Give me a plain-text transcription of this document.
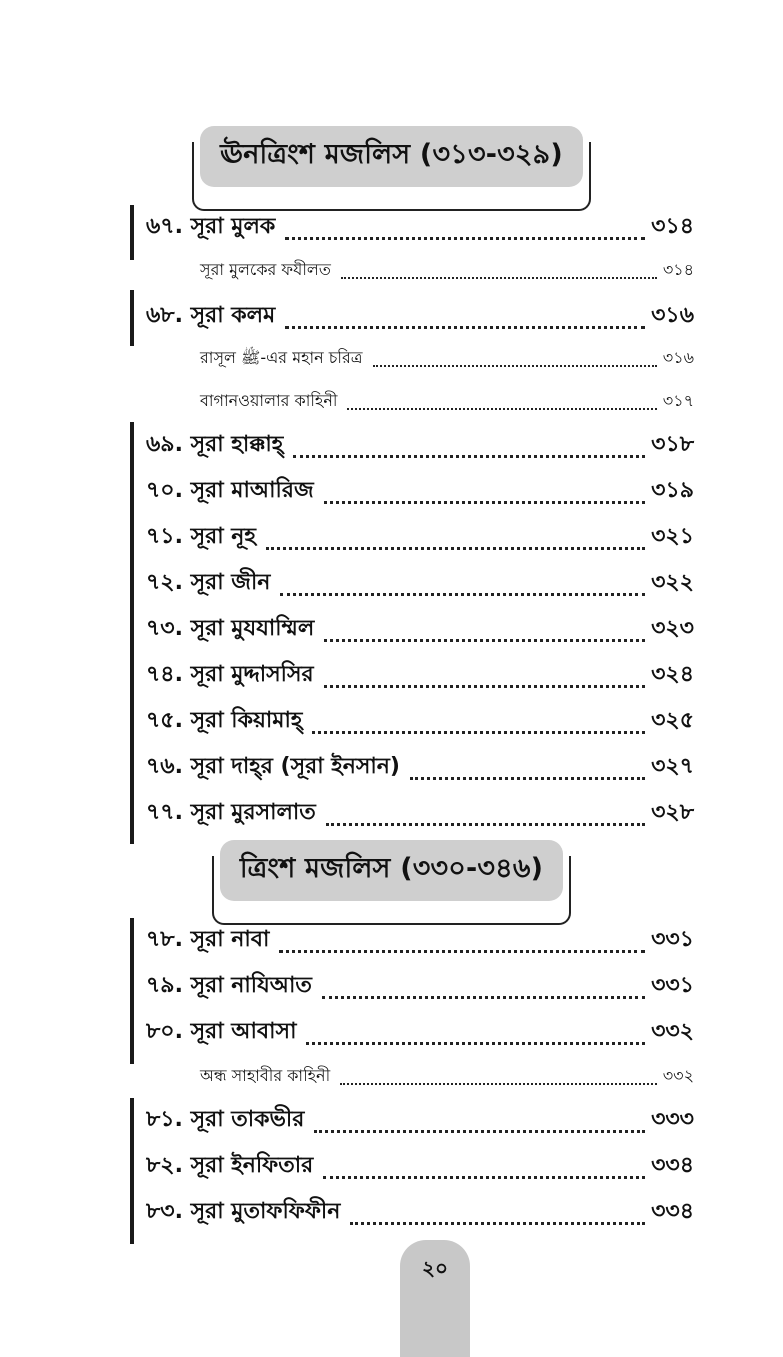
ঊনত্রিংশ মজলিস (৩১৩-৩২৯)
৬৭. সূরা মুলক	৩১৪
সূরা মুলকের ফযীলত	৩১৪
৬৮. সূরা কলম	৩১৬
রাসূল ﷺ-এর মহান চরিত্র	৩১৬
বাগানওয়ালার কাহিনী	৩১৭
৬৯. সূরা হাক্কাহ্	৩১৮
৭০. সূরা মাআরিজ	৩১৯
৭১. সূরা নূহ	৩২১
৭২. সূরা জীন	৩২২
৭৩. সূরা মুযযাম্মিল	৩২৩
৭৪. সূরা মুদ্দাসসির	৩২৪
৭৫. সূরা কিয়ামাহ্	৩২৫
৭৬. সূরা দাহ্‌র (সূরা ইনসান)	৩২৭
৭৭. সূরা মুরসালাত	৩২৮
ত্রিংশ মজলিস (৩৩০-৩৪৬)
৭৮. সূরা নাবা	৩৩১
৭৯. সূরা নাযিআত	৩৩১
৮০. সূরা আবাসা	৩৩২
অন্ধ সাহাবীর কাহিনী	৩৩২
৮১. সূরা তাকভীর	৩৩৩
৮২. সূরা ইনফিতার	৩৩৪
৮৩. সূরা মুতাফফিফীন	৩৩৪
২০
